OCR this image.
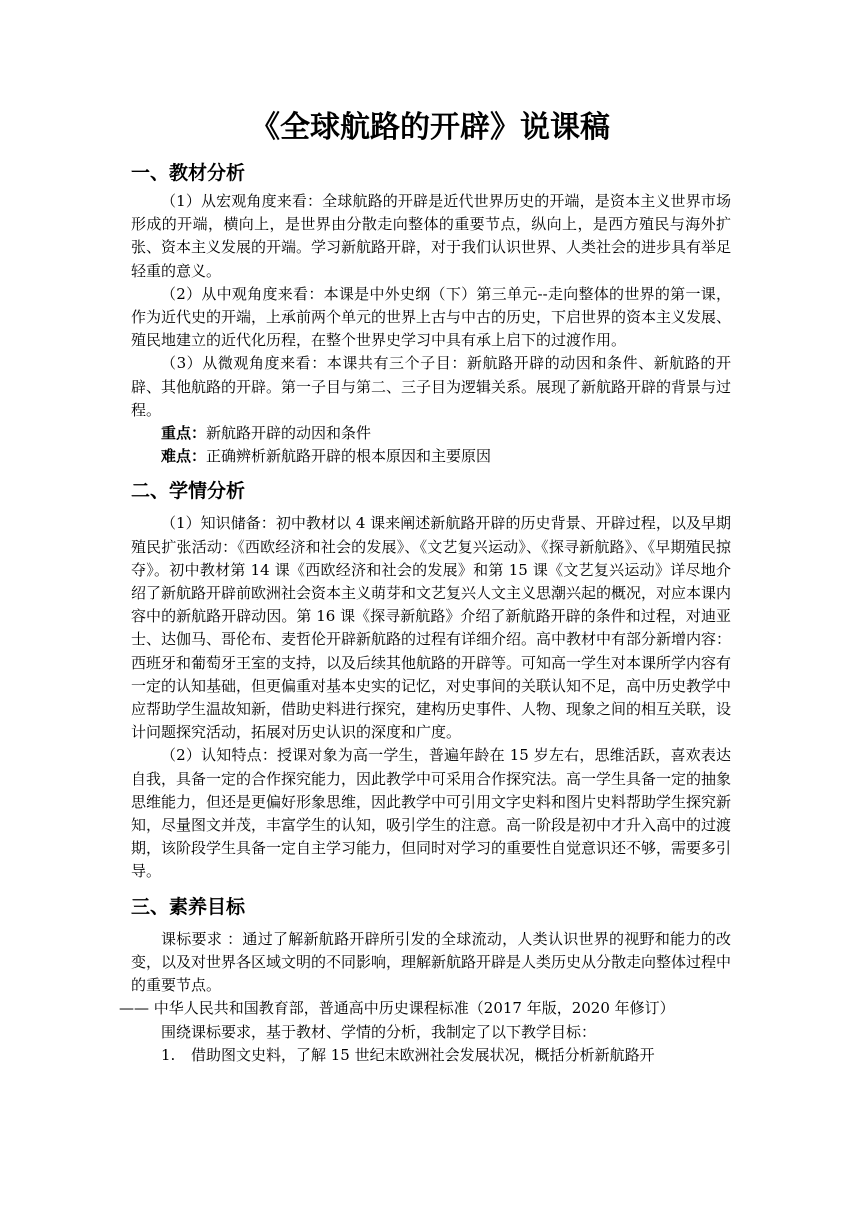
《全球航路的开辟》说课稿

一、教材分析

（1）从宏观角度来看：全球航路的开辟是近代世界历史的开端，是资本主义世界市场形成的开端，横向上，是世界由分散走向整体的重要节点，纵向上，是西方殖民与海外扩张、资本主义发展的开端。学习新航路开辟，对于我们认识世界、人类社会的进步具有举足轻重的意义。

（2）从中观角度来看：本课是中外史纲（下）第三单元--走向整体的世界的第一课，作为近代史的开端，上承前两个单元的世界上古与中古的历史，下启世界的资本主义发展、殖民地建立的近代化历程，在整个世界史学习中具有承上启下的过渡作用。

（3）从微观角度来看：本课共有三个子目：新航路开辟的动因和条件、新航路的开辟、其他航路的开辟。第一子目与第二、三子目为逻辑关系。展现了新航路开辟的背景与过程。

重点：新航路开辟的动因和条件

难点：正确辨析新航路开辟的根本原因和主要原因

二、学情分析

（1）知识储备：初中教材以 4 课来阐述新航路开辟的历史背景、开辟过程，以及早期殖民扩张活动：《西欧经济和社会的发展》、《文艺复兴运动》、《探寻新航路》、《早期殖民掠夺》。初中教材第 14 课《西欧经济和社会的发展》和第 15 课《文艺复兴运动》详尽地介绍了新航路开辟前欧洲社会资本主义萌芽和文艺复兴人文主义思潮兴起的概况，对应本课内容中的新航路开辟动因。第 16 课《探寻新航路》介绍了新航路开辟的条件和过程，对迪亚士、达伽马、哥伦布、麦哲伦开辟新航路的过程有详细介绍。高中教材中有部分新增内容：西班牙和葡萄牙王室的支持，以及后续其他航路的开辟等。可知高一学生对本课所学内容有一定的认知基础，但更偏重对基本史实的记忆，对史事间的关联认知不足，高中历史教学中应帮助学生温故知新，借助史料进行探究，建构历史事件、人物、现象之间的相互关联，设计问题探究活动，拓展对历史认识的深度和广度。

（2）认知特点：授课对象为高一学生，普遍年龄在 15 岁左右，思维活跃，喜欢表达自我，具备一定的合作探究能力，因此教学中可采用合作探究法。高一学生具备一定的抽象思维能力，但还是更偏好形象思维，因此教学中可引用文字史料和图片史料帮助学生探究新知，尽量图文并茂，丰富学生的认知，吸引学生的注意。高一阶段是初中才升入高中的过渡期，该阶段学生具备一定自主学习能力，但同时对学习的重要性自觉意识还不够，需要多引导。

三、素养目标

课标要求 ：通过了解新航路开辟所引发的全球流动，人类认识世界的视野和能力的改变，以及对世界各区域文明的不同影响，理解新航路开辟是人类历史从分散走向整体过程中的重要节点。

—— 中华人民共和国教育部，普通高中历史课程标准（2017 年版，2020 年修订）

围绕课标要求，基于教材、学情的分析，我制定了以下教学目标：

1. 借助图文史料，了解 15 世纪末欧洲社会发展状况，概括分析新航路开
